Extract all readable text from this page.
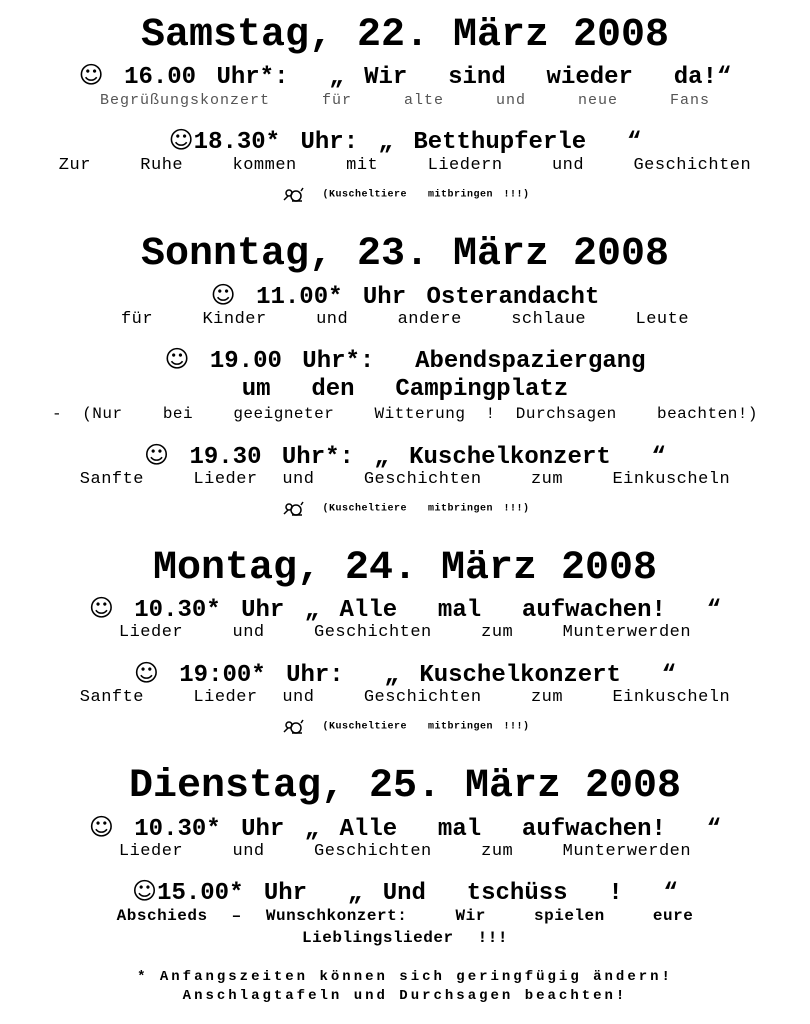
Samstag, 22. März 2008
☺ 16.00 Uhr*: „ Wir  sind  wieder  da!“
Begrüßungskonzert  für  alte  und  neue  Fans
☺18.30* Uhr: „ Betthupferle  “
Zur  Ruhe  kommen  mit  Liedern  und  Geschichten
(Kuscheltiere  mitbringen !!!)
Sonntag, 23. März 2008
☺ 11.00* Uhr Osterandacht
für  Kinder  und  andere  schlaue  Leute
☺ 19.00 Uhr*: Abendspaziergang
um  den  Campingplatz
- (Nur  bei  geeigneter  Witterung ! Durchsagen  beachten!)
☺ 19.30 Uhr*: „ Kuschelkonzert  “
Sanfte  Lieder und  Geschichten  zum  Einkuscheln
(Kuscheltiere  mitbringen !!!)
Montag, 24. März 2008
☺ 10.30* Uhr „ Alle  mal  aufwachen!  “
Lieder  und  Geschichten  zum  Munterwerden
☺ 19:00* Uhr: „ Kuschelkonzert  “
Sanfte  Lieder und  Geschichten  zum  Einkuscheln
(Kuscheltiere  mitbringen !!!)
Dienstag, 25. März 2008
☺ 10.30* Uhr „ Alle  mal  aufwachen!  “
Lieder  und  Geschichten  zum  Munterwerden
☺15.00* Uhr „ Und  tschüss  !  “
Abschieds – Wunschkonzert:  Wir  spielen  eure
Lieblingslieder !!!
* Anfangszeiten können sich geringfügig ändern!
Anschlagtafeln und Durchsagen beachten!
